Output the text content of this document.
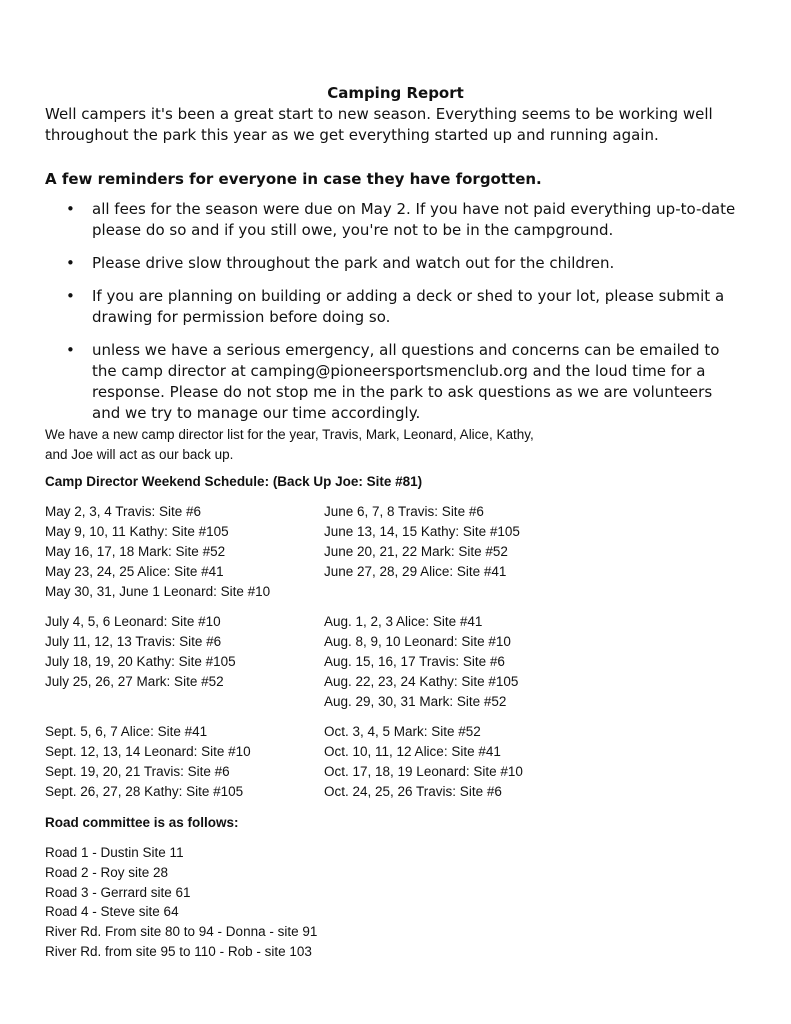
Camping Report

Well campers it's been a great start to new season. Everything seems to be working well throughout the park this year as we get everything started up and running again.

A few reminders for everyone in case they have forgotten.

• all fees for the season were due on May 2. If you have not paid everything up-to-date please do so and if you still owe, you're not to be in the campground.
• Please drive slow throughout the park and watch out for the children.
• If you are planning on building or adding a deck or shed to your lot, please submit a drawing for permission before doing so.
• unless we have a serious emergency, all questions and concerns can be emailed to the camp director at camping@pioneersportsmenclub.org and the loud time for a response. Please do not stop me in the park to ask questions as we are volunteers and we try to manage our time accordingly.

We have a new camp director list for the year, Travis, Mark, Leonard, Alice, Kathy, and Joe will act as our back up.

Camp Director Weekend Schedule: (Back Up Joe: Site #81)

May 2, 3, 4 Travis: Site #6
May 9, 10, 11 Kathy: Site #105
May 16, 17, 18 Mark: Site #52
May 23, 24, 25 Alice: Site #41
May 30, 31, June 1 Leonard: Site #10
June 6, 7, 8 Travis: Site #6
June 13, 14, 15 Kathy: Site #105
June 20, 21, 22 Mark: Site #52
June 27, 28, 29 Alice: Site #41
July 4, 5, 6 Leonard: Site #10
July 11, 12, 13 Travis: Site #6
July 18, 19, 20 Kathy: Site #105
July 25, 26, 27 Mark: Site #52
Aug. 1, 2, 3 Alice: Site #41
Aug. 8, 9, 10 Leonard: Site #10
Aug. 15, 16, 17 Travis: Site #6
Aug. 22, 23, 24 Kathy: Site #105
Aug. 29, 30, 31 Mark: Site #52
Sept. 5, 6, 7 Alice: Site #41
Sept. 12, 13, 14 Leonard: Site #10
Sept. 19, 20, 21 Travis: Site #6
Sept. 26, 27, 28 Kathy: Site #105
Oct. 3, 4, 5 Mark: Site #52
Oct. 10, 11, 12 Alice: Site #41
Oct. 17, 18, 19 Leonard: Site #10
Oct. 24, 25, 26 Travis: Site #6

Road committee is as follows:

Road 1 - Dustin Site 11
Road 2 - Roy site 28
Road 3 - Gerrard site 61
Road 4 - Steve site 64
River Rd. From site 80 to 94 - Donna - site 91
River Rd. from site 95 to 110 - Rob - site 103
